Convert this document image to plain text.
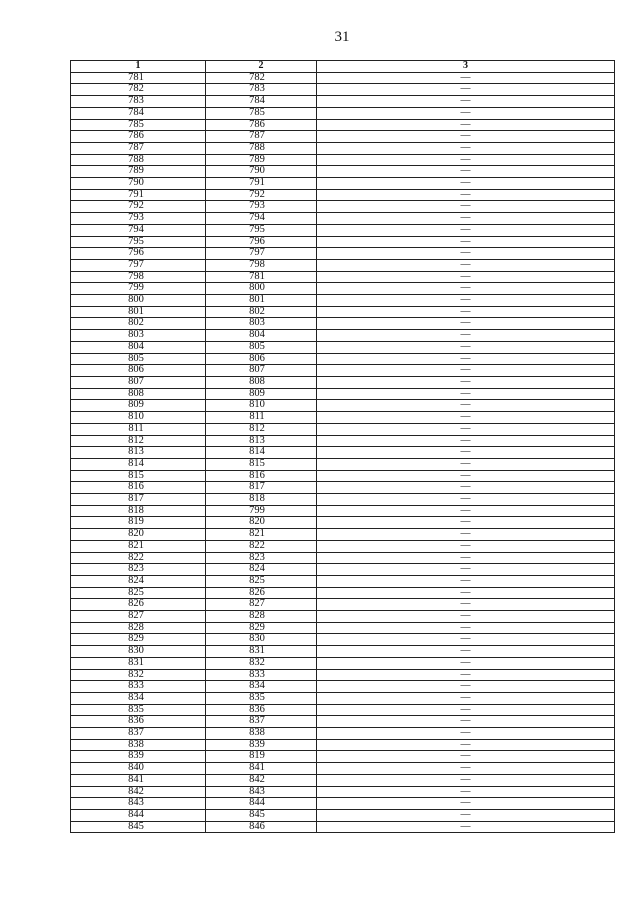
31
1	2	3
781	782	—
782	783	—
783	784	—
784	785	—
785	786	—
786	787	—
787	788	—
788	789	—
789	790	—
790	791	—
791	792	—
792	793	—
793	794	—
794	795	—
795	796	—
796	797	—
797	798	—
798	781	—
799	800	—
800	801	—
801	802	—
802	803	—
803	804	—
804	805	—
805	806	—
806	807	—
807	808	—
808	809	—
809	810	—
810	811	—
811	812	—
812	813	—
813	814	—
814	815	—
815	816	—
816	817	—
817	818	—
818	799	—
819	820	—
820	821	—
821	822	—
822	823	—
823	824	—
824	825	—
825	826	—
826	827	—
827	828	—
828	829	—
829	830	—
830	831	—
831	832	—
832	833	—
833	834	—
834	835	—
835	836	—
836	837	—
837	838	—
838	839	—
839	819	—
840	841	—
841	842	—
842	843	—
843	844	—
844	845	—
845	846	—
